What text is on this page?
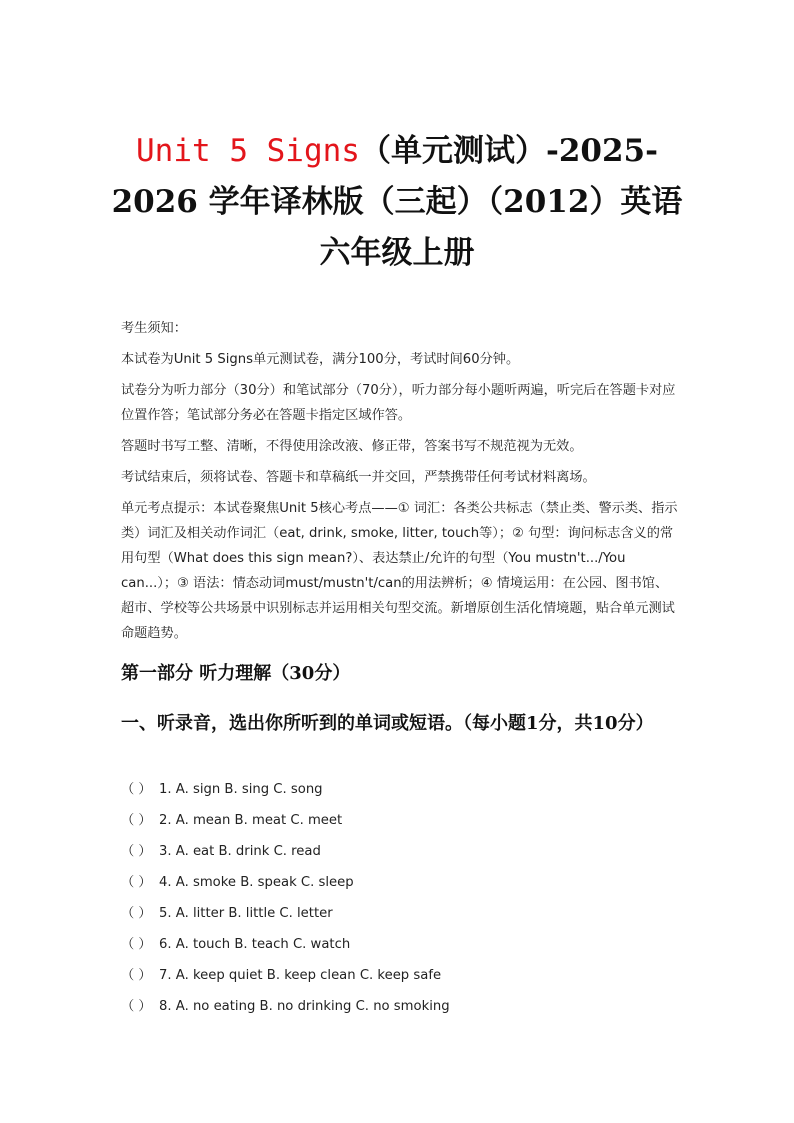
Unit 5 Signs（单元测试）-2025-2026 学年译林版（三起）（2012）英语六年级上册

考生须知：

本试卷为Unit 5 Signs单元测试卷，满分100分，考试时间60分钟。

试卷分为听力部分（30分）和笔试部分（70分），听力部分每小题听两遍，听完后在答题卡对应位置作答；笔试部分务必在答题卡指定区域作答。

答题时书写工整、清晰，不得使用涂改液、修正带，答案书写不规范视为无效。

考试结束后，须将试卷、答题卡和草稿纸一并交回，严禁携带任何考试材料离场。

单元考点提示：本试卷聚焦Unit 5核心考点——① 词汇：各类公共标志（禁止类、警示类、指示类）词汇及相关动作词汇（eat, drink, smoke, litter, touch等）；② 句型：询问标志含义的常用句型（What does this sign mean?）、表达禁止/允许的句型（You mustn't.../You can...）；③ 语法：情态动词must/mustn't/can的用法辨析；④ 情境运用：在公园、图书馆、超市、学校等公共场景中识别标志并运用相关句型交流。新增原创生活化情境题，贴合单元测试命题趋势。

第一部分 听力理解（30分）
一、听录音，选出你所听到的单词或短语。（每小题1分，共10分）
（ ） 1. A. sign B. sing C. song
（ ） 2. A. mean B. meat C. meet
（ ） 3. A. eat B. drink C. read
（ ） 4. A. smoke B. speak C. sleep
（ ） 5. A. litter B. little C. letter
（ ） 6. A. touch B. teach C. watch
（ ） 7. A. keep quiet B. keep clean C. keep safe
（ ） 8. A. no eating B. no drinking C. no smoking
